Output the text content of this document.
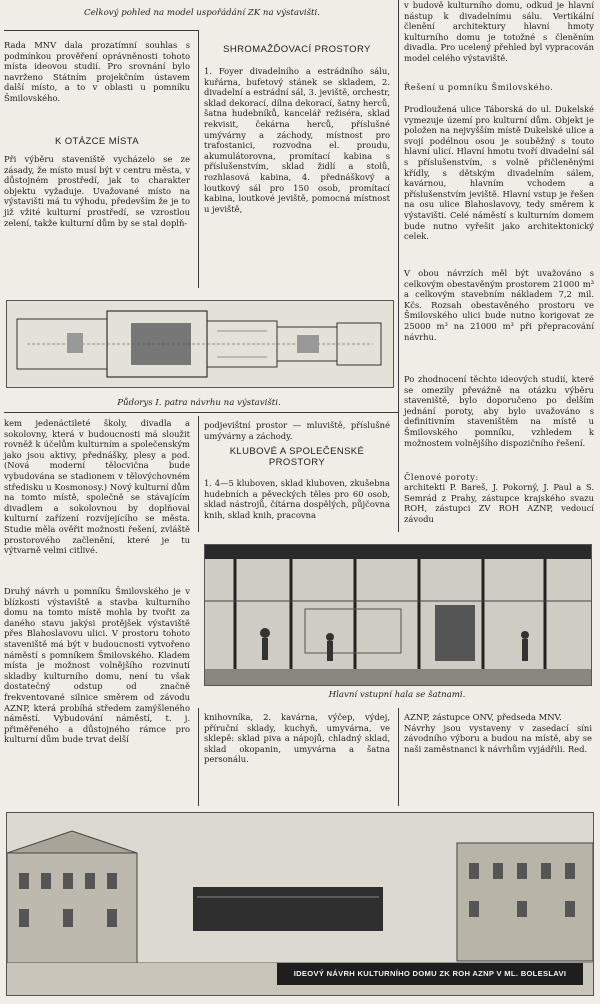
Celkový pohled na model uspořádání ZK na výstavišti.

Rada MNV dala prozatímní souhlas s podmínkou prověření oprávněnosti tohoto místa ideovou studií. Pro srovnání bylo navrženo Státním projekčním ústavem další místo, a to v oblasti u pomníku Šmilovského.

K OTÁZCE MÍSTA

Při výběru staveniště vycházelo se ze zásady, že místo musí být v centru města, v důstojném prostředí, jak to charakter objektu vyžaduje. Uvažované místo na výstavišti má tu výhodu, především že je to již vžité kulturní prostředí, se vzrostlou zelení, takže kulturní dům by se stal doplň-

SHROMAŽĎOVACÍ PROSTORY

1. Foyer divadelního a estrádního sálu, kuřárna, bufetový stánek se skladem, 2. divadelní a estrádní sál, 3. jeviště, orchestr, sklad dekorací, dílna dekorací, šatny herců, šatna hudebníků, kancelář režiséra, sklad rekvisit, čekárna herců, příslušné umývárny a záchody, místnost pro trafostanici, rozvodna el. proudu, akumulátorovna, promítací kabina s příslušenstvím, sklad židlí a stolů, rozhlasová kabina, 4. přednáškový a loutkový sál pro 150 osob, promítací kabina, loutkové jeviště, pomocná místnost u jeviště,

v budově kulturního domu, odkud je hlavní nástup k divadelnímu sálu. Vertikální členění architektury hlavní hmoty kulturního domu je totožné s členěním divadla. Pro ucelený přehled byl vypracován model celého výstaviště.

Řešení u pomníku Šmilovského.

Prodloužená ulice Táborská do ul. Dukelské vymezuje území pro kulturní dům. Objekt je položen na nejvyšším místě Dukelské ulice a svojí podélnou osou je souběžný s touto hlavní ulicí. Hlavní hmotu tvoří divadelní sál s příslušenstvím, s volně přičleněnými křídly, s dětským divadelním sálem, kavárnou, hlavním vchodem a příslušenstvím jeviště. Hlavní vstup je řešen na osu ulice Blahoslavovy, tedy směrem k výstavišti. Celé náměstí s kulturním domem bude nutno vyřešit jako architektonický celek.

V obou návrzích měl být uvažováno s celkovým obestavěným prostorem 21000 m³ a celkovým stavebním nákladem 7,2 mil. Kčs. Rozsah obestavěného prostoru ve Šmilovského ulici bude nutno korigovat ze 25000 m³ na 21000 m³ při přepracování návrhu.

Po zhodnocení těchto ideových studií, které se omezily převážně na otázku výběru staveniště, bylo doporučeno po delším jednání poroty, aby bylo uvažováno s definitivním staveništěm na místě u Šmilovského pomníku, vzhledem k možnostem volnějšího dispozičního řešení.

Členové poroty:

architekti P. Bareš, J. Pokorný, J. Paul a S. Semrád z Prahy, zástupce krajského svazu ROH, zástupci ZV ROH AZNP, vedoucí závodu

Půdorys I. patra návrhu na výstavišti.

kem jedenáctileté školy, divadla a sokolovny, která v budoucnosti má sloužit rovněž k účelům kulturním a společenským jako jsou aktivy, přednášky, plesy a pod. (Nová moderní tělocvična bude vybudována se stadionem v tělovýchovném středisku u Kosmonosy.) Nový kulturní dům na tomto místě, společně se stávajícím divadlem a sokolovnou by doplňoval kulturní zařízení rozvíjejícího se města. Studie měla ověřit možnosti řešení, zvláště prostorového začlenění, které je tu výtvarně velmi citlivé.

Druhý návrh u pomníku Šmilovského je v blízkosti výstaviště a stavba kulturního domu na tomto místě mohla by tvořit za daného stavu jakýsi protějšek výstaviště přes Blahoslavovu ulici. V prostoru tohoto staveniště má být v budoucnosti vytvořeno náměstí s pomníkem Šmilovského. Kladem místa je možnost volnějšího rozvinutí skladby kulturního domu, není tu však dostatečný odstup od značně frekventované silnice směrem od závodu AZNP, která probíhá středem zamýšleného náměstí. Vybudování náměstí, t. j. přiměřeného a důstojného rámce pro kulturní dům bude trvat delší

podjevištní prostor — mluviště, příslušné umývárny a záchody.

KLUBOVÉ A SPOLEČENSKÉ PROSTORY

1. 4—5 kluboven, sklad kluboven, zkušebna hudebních a pěveckých těles pro 60 osob, sklad nástrojů, čítárna dospělých, půjčovna knih, sklad knih, pracovna

Hlavní vstupní hala se šatnami.

knihovníka, 2. kavárna, výčep, výdej, příruční sklady, kuchyň, umyvárna, ve sklepě: sklad piva a nápojů, chladný sklad, sklad okopanin, umyvárna a šatna personálu.

AZNP, zástupce ONV, předseda MNV.
Návrhy jsou vystaveny v zasedací síni závodního výboru a budou na místě, aby se naši zaměstnanci k návrhům vyjádřili. Red.

IDEOVÝ NÁVRH KULTURNÍHO DOMU ZK ROH AZNP V ML. BOLESLAVI
